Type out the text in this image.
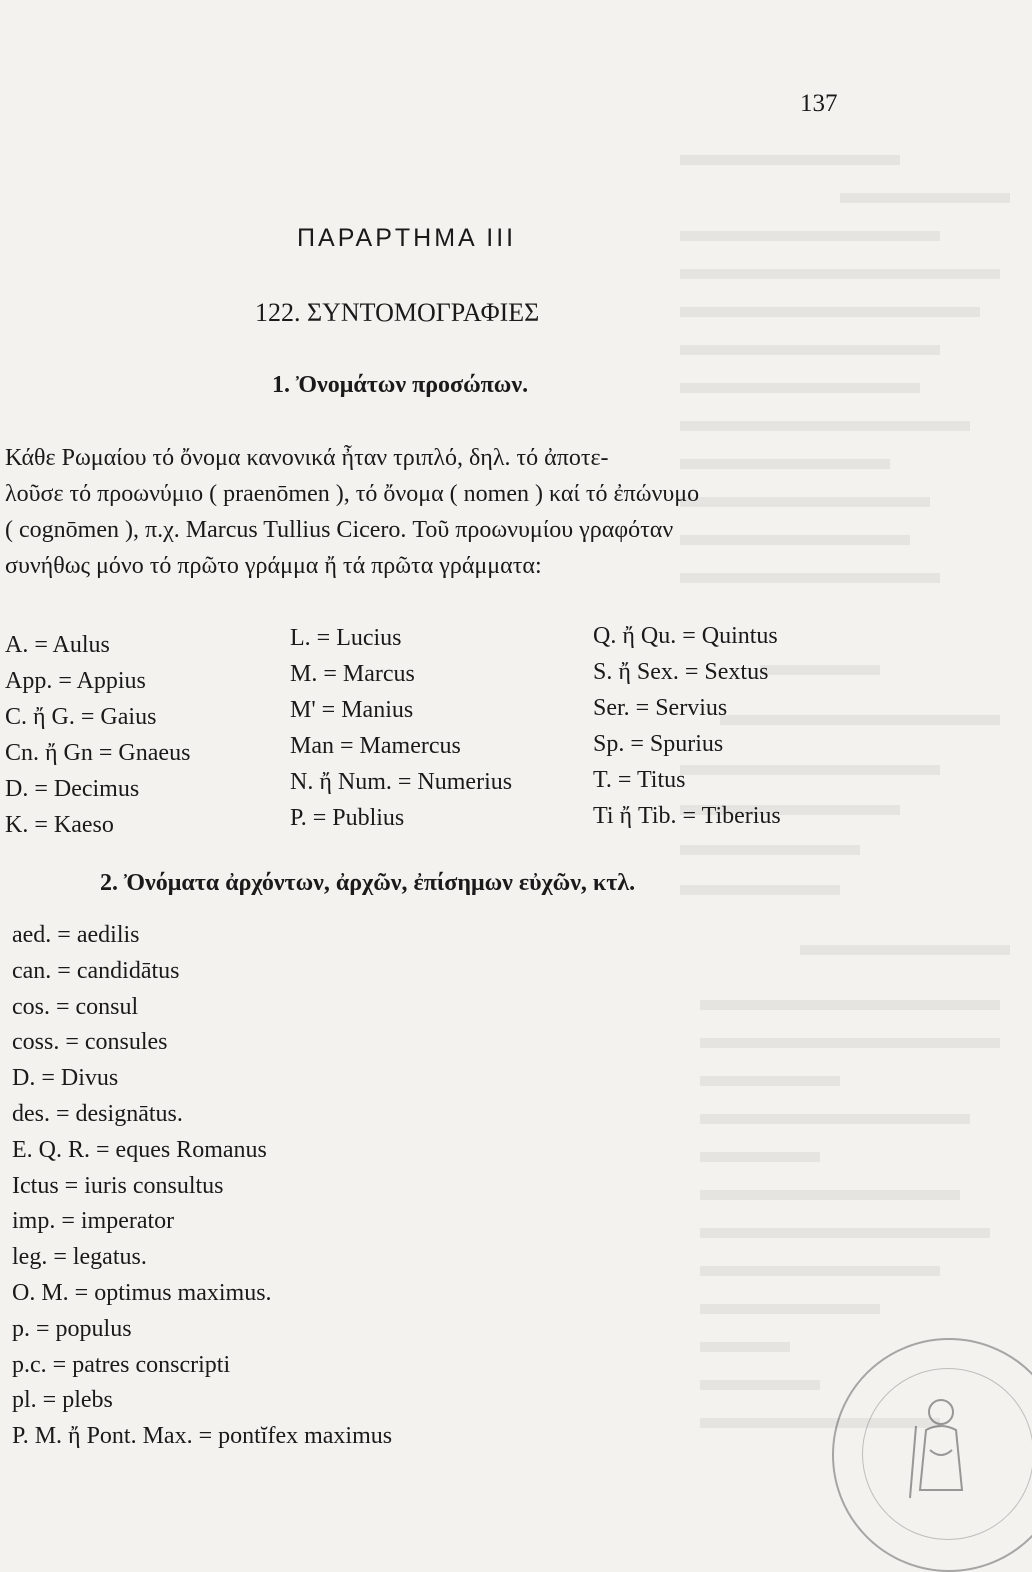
137
ΠΑΡΑΡΤΗΜΑ III
122. ΣΥΝΤΟΜΟΓΡΑΦΙΕΣ
1. Ὀνομάτων προσώπων.

Κάθε Ρωμαίου τό ὄνομα κανονικά ἦταν τριπλό, δηλ. τό ἀποτε-

λοῦσε τό προωνύμιο ( praenōmen ), τό ὄνομα ( nomen ) καί τό ἐπώνυμο

( cognōmen ), π.χ. Marcus Tullius Cicero. Τοῦ προωνυμίου γραφόταν

συνήθως μόνο τό πρῶτο γράμμα ἤ τά πρῶτα γράμματα:

A. = Aulus
App. = Appius
C. ἤ G. = Gaius
Cn. ἤ Gn = Gnaeus
D. = Decimus
K. = Kaeso
L. = Lucius
M. = Marcus
M' = Manius
Man = Mamercus
N. ἤ Num. = Numerius
P. = Publius
Q. ἤ Qu. = Quintus
S. ἤ Sex. = Sextus
Ser. = Servius
Sp. = Spurius
T. = Titus
Ti ἤ Tib. = Tiberius
2. Ὀνόματα ἀρχόντων, ἀρχῶν, ἐπίσημων εὐχῶν, κτλ.
aed. = aedilis
can. = candidātus
cos. = consul
coss. = consules
D. = Divus
des. = designātus.
E. Q. R. = eques Romanus
Ictus = iuris consultus
imp. = imperator
leg. = legatus.
O. M. = optimus maximus.
p. = populus
p.c. = patres conscripti
pl. = plebs
P. M. ἤ Pont. Max. = pontĭfex maximus
